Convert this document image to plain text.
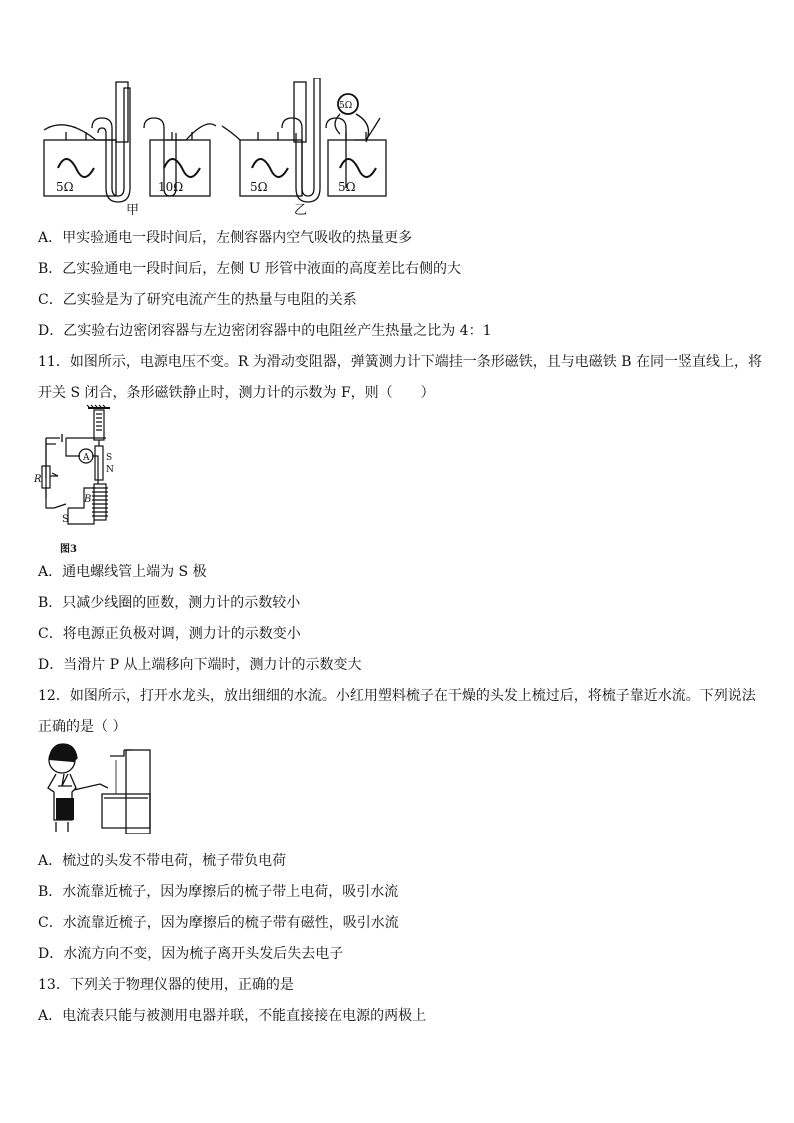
5Ω	10Ω	5Ω	5Ω
5Ω
甲	乙
A．甲实验通电一段时间后，左侧容器内空气吸收的热量更多
B．乙实验通电一段时间后，左侧 U 形管中液面的高度差比右侧的大
C．乙实验是为了研究电流产生的热量与电阻的关系
D．乙实验右边密闭容器与左边密闭容器中的电阻丝产生热量之比为 4：1
11．如图所示，电源电压不变。R 为滑动变阻器，弹簧测力计下端挂一条形磁铁，且与电磁铁 B 在同一竖直线上，将
开关 S 闭合，条形磁铁静止时，测力计的示数为 F，则（　　）
R
A
B
S
S
N
图3
A．通电螺线管上端为 S 极
B．只减少线圈的匝数，测力计的示数较小
C．将电源正负极对调，测力计的示数变小
D．当滑片 P 从上端移向下端时，测力计的示数变大
12．如图所示，打开水龙头，放出细细的水流。小红用塑料梳子在干燥的头发上梳过后，将梳子靠近水流。下列说法
正确的是（ ）
A．梳过的头发不带电荷，梳子带负电荷
B．水流靠近梳子，因为摩擦后的梳子带上电荷，吸引水流
C．水流靠近梳子，因为摩擦后的梳子带有磁性，吸引水流
D．水流方向不变，因为梳子离开头发后失去电子
13．下列关于物理仪器的使用，正确的是
A．电流表只能与被测用电器并联，不能直接接在电源的两极上
